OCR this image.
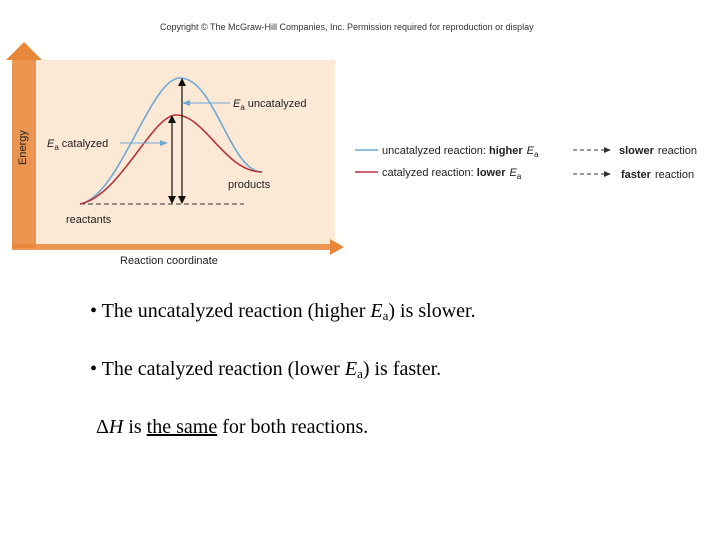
Copyright © The McGraw-Hill Companies, Inc. Permission required for reproduction or display
Energy
Reaction coordinate
$E_a$ uncatalyzed
$E_a$ catalyzed
products
reactants
uncatalyzed reaction: higher $E_a$
catalyzed reaction: lower $E_a$
slower reaction
faster reaction
• The uncatalyzed reaction (higher $E_a$) is slower.
• The catalyzed reaction (lower $E_a$) is faster.
ΔH is the same for both reactions.
